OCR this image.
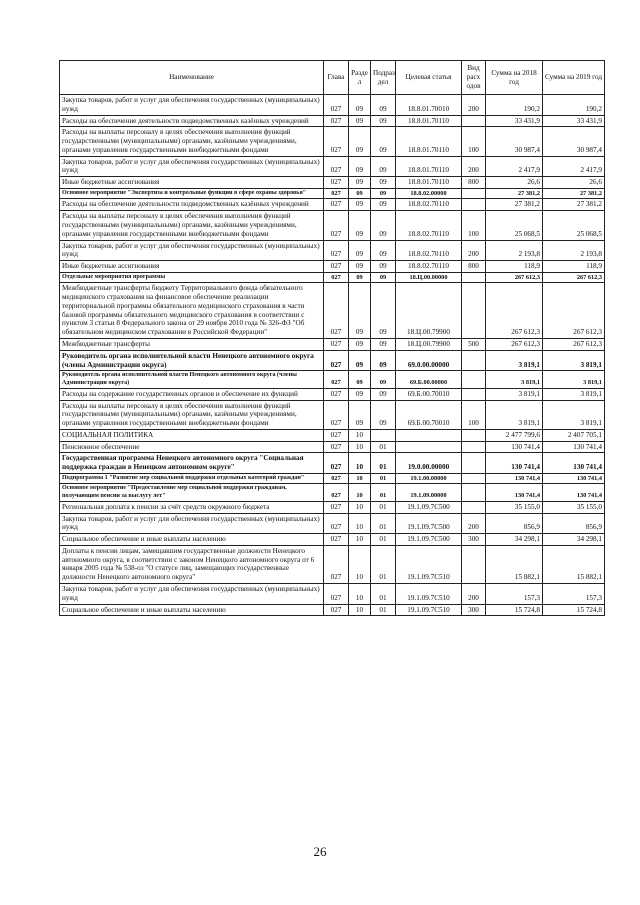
Наименование	Глава	Разде л	Подраз дел	Целевая статья	Вид расх одов	Сумма на 2018 год	Сумма на 2019 год
Закупка товаров, работ и услуг для обеспечения государственных (муниципальных) нужд	027	09	09	18.8.01.70010	200	190,2	190,2
Расходы на обеспечение деятельности подведомственных казённых учреждений	027	09	09	18.8.01.70110		33 431,9	33 431,9
Расходы на выплаты персоналу в целях обеспечения выполнения функций государственными (муниципальными) органами, казёнными учреждениями, органами управления государственными внебюджетными фондами	027	09	09	18.8.01.70110	100	30 987,4	30 987,4
Закупка товаров, работ и услуг для обеспечения государственных (муниципальных) нужд	027	09	09	18.8.01.70110	200	2 417,9	2 417,9
Иные бюджетные ассигнования	027	09	09	18.8.01.70110	800	26,6	26,6
Основное мероприятие "Экспертиза и контрольные функции в сфере охраны здоровья"	027	09	09	18.8.02.00000		27 381,2	27 381,2
Расходы на обеспечение деятельности подведомственных казённых учреждений	027	09	09	18.8.02.70110		27 381,2	27 381,2
Расходы на выплаты персоналу в целях обеспечения выполнения функций государственными (муниципальными) органами, казёнными учреждениями, органами управления государственными внебюджетными фондами	027	09	09	18.8.02.70110	100	25 068,5	25 068,5
Закупка товаров, работ и услуг для обеспечения государственных (муниципальных) нужд	027	09	09	18.8.02.70110	200	2 193,8	2 193,8
Иные бюджетные ассигнования	027	09	09	18.8.02.70110	800	118,9	118,9
Отдельные мероприятия программы	027	09	09	18.Ц.00.00000		267 612,3	267 612,3
Межбюджетные трансферты бюджету Территориального фонда обязательного медицинского страхования на финансовое обеспечение реализации территориальной программы обязательного медицинского страхования в части базовой программы обязательного медицинского страхования в соответствии с пунктом 3 статьи 8 Федерального закона от 29 ноября 2010 года № 326-ФЗ "Об обязательном медицинском страховании в Российской Федерации"	027	09	09	18.Ц.00.79900		267 612,3	267 612,3
Межбюджетные трансферты	027	09	09	18.Ц.00.79900	500	267 612,3	267 612,3
Руководитель органа исполнительной власти Ненецкого автономного округа (члены Администрации округа)	027	09	09	69.0.00.00000		3 819,1	3 819,1
Руководитель органа исполнительной власти Ненецкого автономного округа (члены Администрации округа)	027	09	09	69.Б.00.00000		3 819,1	3 819,1
Расходы на содержание государственных органов и обеспечение их функций	027	09	09	69.Б.00.70010		3 819,1	3 819,1
Расходы на выплаты персоналу в целях обеспечения выполнения функций государственными (муниципальными) органами, казёнными учреждениями, органами управления государственными внебюджетными фондами	027	09	09	69.Б.00.70010	100	3 819,1	3 819,1
СОЦИАЛЬНАЯ ПОЛИТИКА	027	10				2 477 799,6	2 407 705,1
Пенсионное обеспечение	027	10	01			130 741,4	130 741,4
Государственная программа Ненецкого автономного округа "Социальная поддержка граждан в Ненецком автономном округе"	027	10	01	19.0.00.00000		130 741,4	130 741,4
Подпрограмма 1 "Развитие мер социальной поддержки отдельных категорий граждан"	027	10	01	19.1.00.00000		130 741,4	130 741,4
Основное мероприятие "Предоставление мер социальной поддержки гражданам, получающим пенсии за выслугу лет"	027	10	01	19.1.09.00000		130 741,4	130 741,4
Региональная доплата к пенсии за счёт средств окружного бюджета	027	10	01	19.1.09.7С500		35 155,0	35 155,0
Закупка товаров, работ и услуг для обеспечения государственных (муниципальных) нужд	027	10	01	19.1.09.7С500	200	856,9	856,9
Социальное обеспечение и иные выплаты населению	027	10	01	19.1.09.7С500	300	34 298,1	34 298,1
Доплаты к пенсии лицам, замещавшим государственные должности Ненецкого автономного округа, в соответствии с законом Ненецкого автономного округа от 6 января 2005 года № 538-оз "О статусе лиц, замещающих государственные должности Ненецкого автономного округа"	027	10	01	19.1.09.7С510		15 882,1	15 882,1
Закупка товаров, работ и услуг для обеспечения государственных (муниципальных) нужд	027	10	01	19.1.09.7С510	200	157,3	157,3
Социальное обеспечение и иные выплаты населению	027	10	01	19.1.09.7С510	300	15 724,8	15 724,8
26
